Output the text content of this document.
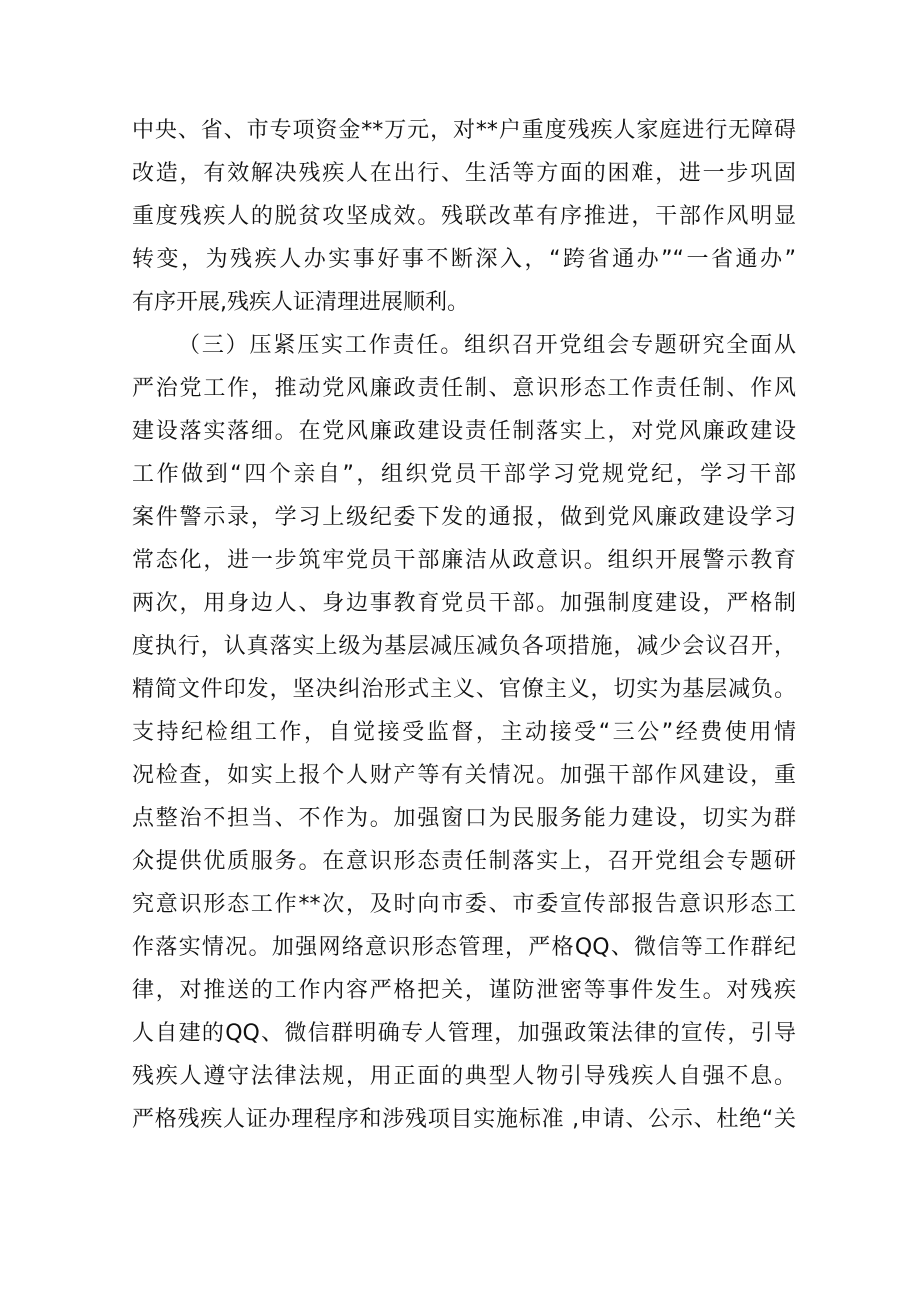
中央、省、市专项资金**万元，对**户重度残疾人家庭进行无障碍
改造，有效解决残疾人在出行、生活等方面的困难，进一步巩固
重度残疾人的脱贫攻坚成效。残联改革有序推进，干部作风明显
转变，为残疾人办实事好事不断深入，“跨省通办”“一省通办”
有序开展,残疾人证清理进展顺利。
（三）压紧压实工作责任。组织召开党组会专题研究全面从
严治党工作，推动党风廉政责任制、意识形态工作责任制、作风
建设落实落细。在党风廉政建设责任制落实上，对党风廉政建设
工作做到“四个亲自”，组织党员干部学习党规党纪，学习干部
案件警示录，学习上级纪委下发的通报，做到党风廉政建设学习
常态化，进一步筑牢党员干部廉洁从政意识。组织开展警示教育
两次，用身边人、身边事教育党员干部。加强制度建设，严格制
度执行，认真落实上级为基层减压减负各项措施，减少会议召开，
精简文件印发，坚决纠治形式主义、官僚主义，切实为基层减负。
支持纪检组工作，自觉接受监督，主动接受“三公”经费使用情
况检查，如实上报个人财产等有关情况。加强干部作风建设，重
点整治不担当、不作为。加强窗口为民服务能力建设，切实为群
众提供优质服务。在意识形态责任制落实上，召开党组会专题研
究意识形态工作**次，及时向市委、市委宣传部报告意识形态工
作落实情况。加强网络意识形态管理，严格QQ、微信等工作群纪
律，对推送的工作内容严格把关，谨防泄密等事件发生。对残疾
人自建的QQ、微信群明确专人管理，加强政策法律的宣传，引导
残疾人遵守法律法规，用正面的典型人物引导残疾人自强不息。
严格残疾人证办理程序和涉残项目实施标准 ,申请、公示、杜绝“关
